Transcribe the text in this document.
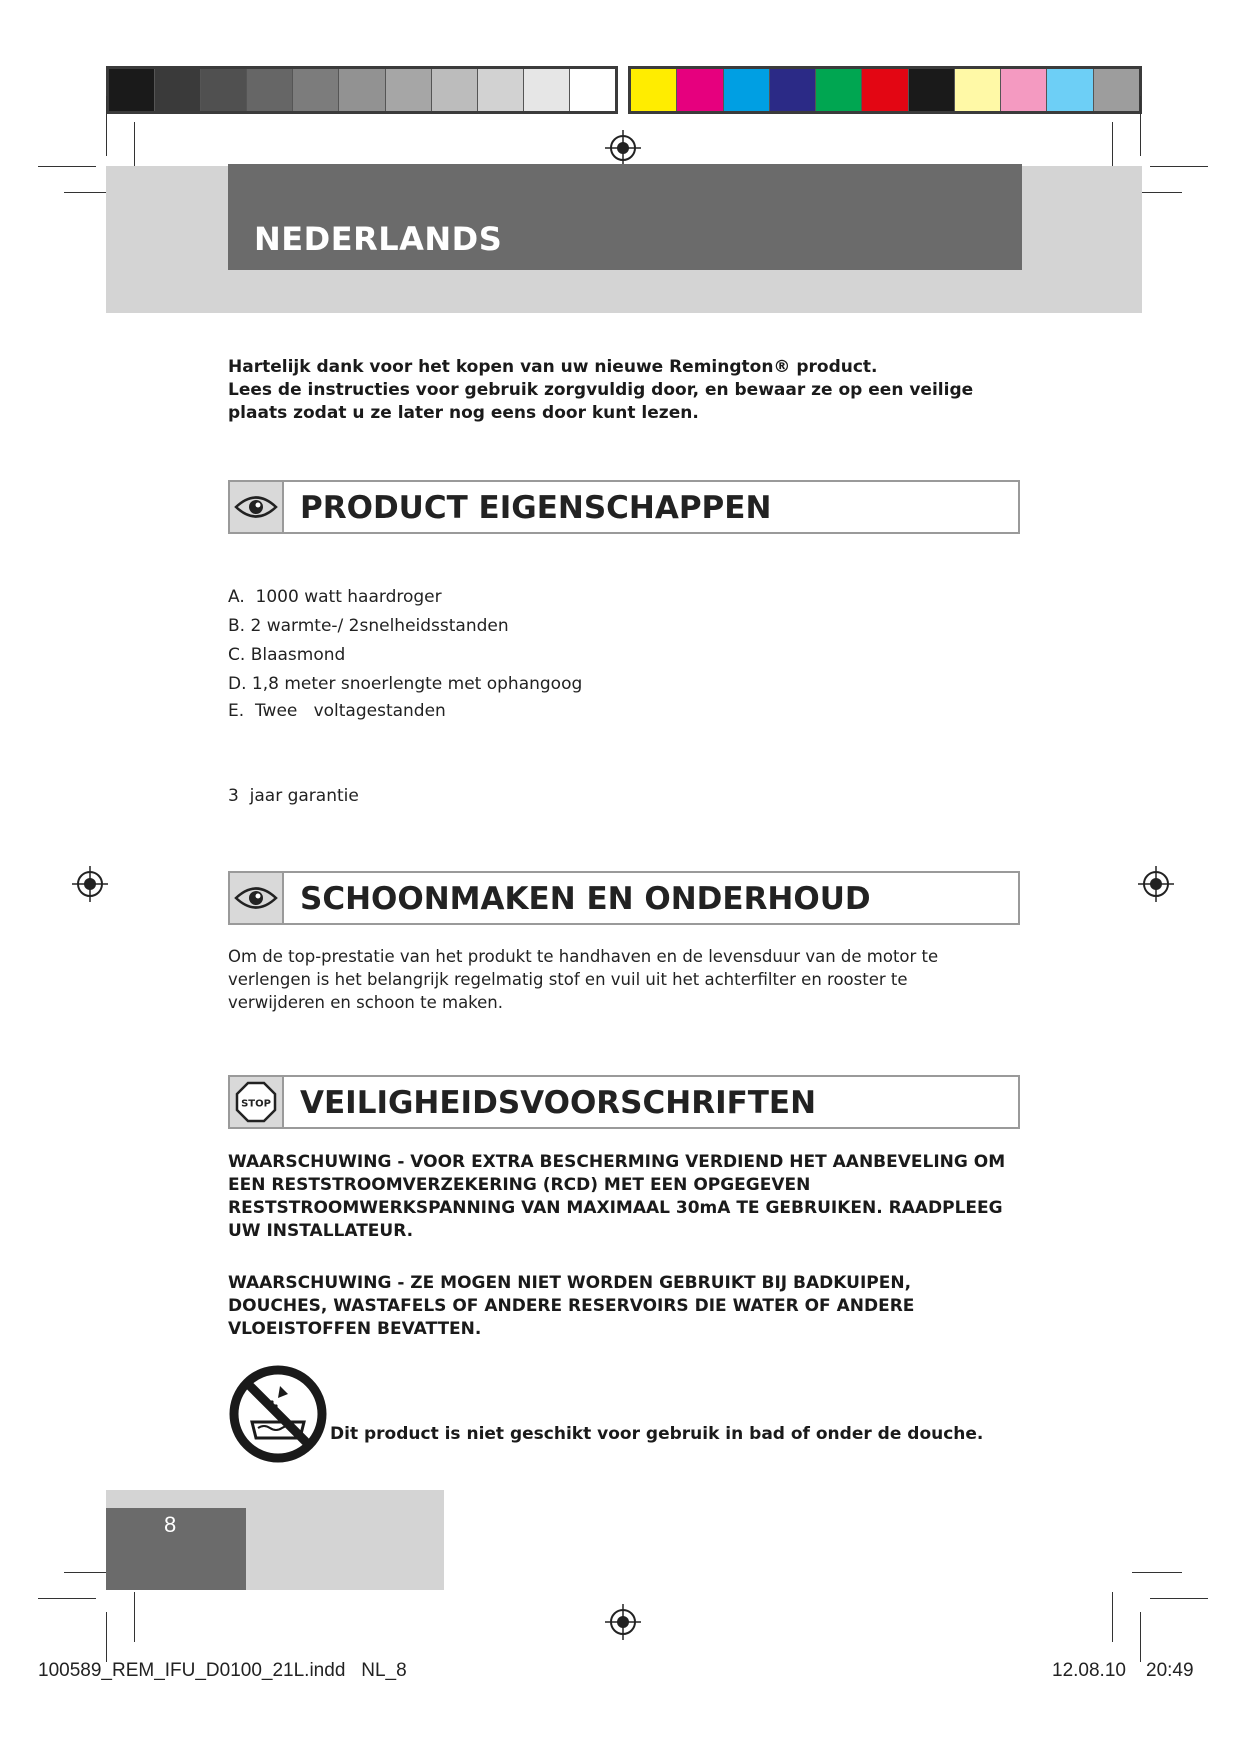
NEDERLANDS

Hartelijk dank voor het kopen van uw nieuwe Remington® product.

Lees de instructies voor gebruik zorgvuldig door, en bewaar ze op een veilige plaats zodat u ze later nog eens door kunt lezen.

PRODUCT EIGENSCHAPPEN
A. 1000 watt haardroger
B. 2 warmte-/ 2snelheidsstanden
C. Blaasmond
D. 1,8 meter snoerlengte met ophangoog
E. Twee   voltagestanden
3 jaar garantie
SCHOONMAKEN EN ONDERHOUD
Om de top-prestatie van het produkt te handhaven en de levensduur van de motor te verlengen is het belangrijk regelmatig stof en vuil uit het achterfilter en rooster te verwijderen en schoon te maken.
STOP VEILIGHEIDSVOORSCHRIFTEN

WAARSCHUWING - VOOR EXTRA BESCHERMING VERDIEND HET AANBEVELING OM EEN RESTSTROOMVERZEKERING (RCD) MET EEN OPGEGEVEN RESTSTROOMWERKSPANNING VAN MAXIMAAL 30mA TE GEBRUIKEN. RAADPLEEG UW INSTALLATEUR.

WAARSCHUWING - ZE MOGEN NIET WORDEN GEBRUIKT BIJ BADKUIPEN, DOUCHES, WASTAFELS OF ANDERE RESERVOIRS DIE WATER OF ANDERE VLOEISTOFFEN BEVATTEN.

Dit product is niet geschikt voor gebruik in bad of onder de douche.
8
100589_REM_IFU_D0100_21L.indd   NL_8	12.08.10 20:49
